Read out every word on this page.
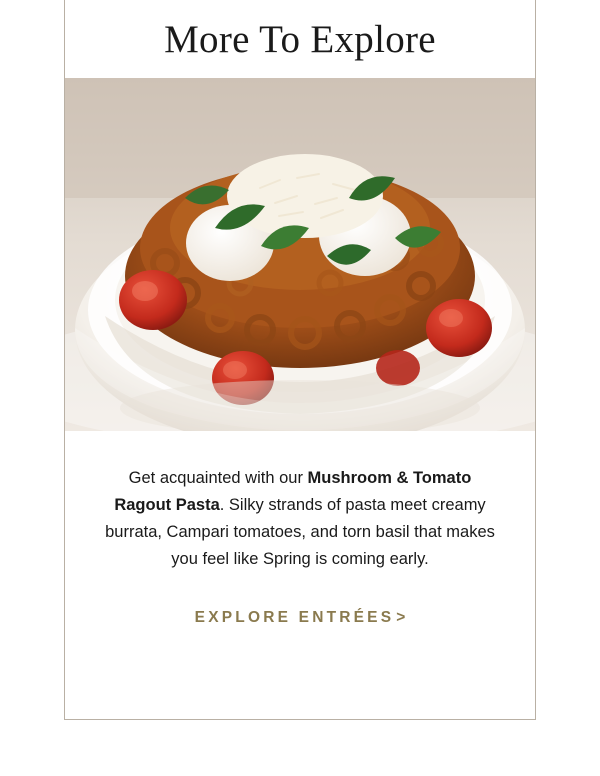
More To Explore
Get acquainted with our Mushroom & Tomato Ragout Pasta. Silky strands of pasta meet creamy burrata, Campari tomatoes, and torn basil that makes you feel like Spring is coming early.
EXPLORE ENTRÉES >
